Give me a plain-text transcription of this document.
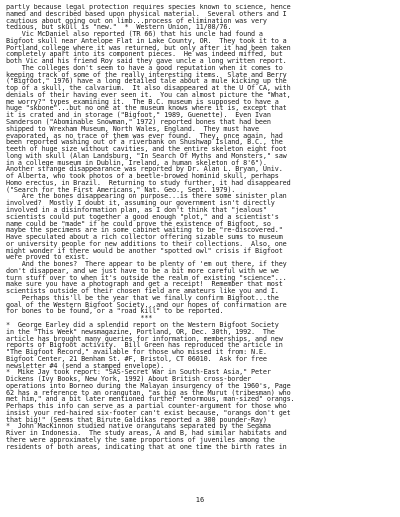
partly because legal protection requires species known to science, hence
named and described based upon physical material.  Several others and I
cautious about going out on limb...process of elimination was very
tedious, but skull is "new."  *  Western Union, 11/08/76.
Vic McDaniel also reported (TR 66) that his uncle had found a
Bigfoot skull near Antelope Flat in Lake County, OR.  They took it to a
Portland college where it was returned, but only after it had been taken
completely apart into its component pieces.  He was indeed miffed, but
both Vic and his friend Roy said they gave uncle a long written report.
The colleges don't seem to have a good reputation when it comes to
keeping track of some of the really interesting items.  Slate and Berry
("Bigfoot," 1976) have a long detailed tale about a mule kicking up the
top of a skull, the calvarium.  It also disappeared at the U Of CA, with
denials of their having ever seen it.  You can almost picture the "What,
me worry?" types examining it.  The B.C. museum is supposed to have a
huge "skbone"...but no one at the museum knows where it is, except that
it is crated and in storage ("Bigfoot," 1989, Guenette).  Even Ivan
Sanderson ("Abominable Snowman," 1972) reported bones that had been
shipped to Wrexham Museum, North Wales, England.  They must have
evaporated, as no trace of them was ever found.  They, once again, had
been reported washing out of a riverbank on Shushwap Island, B.C., the
teeth of huge size without cavities, and the entire skeleton eight foot
long with skull (Alan Landsburg, "In Search Of Myths and Monsters," saw
in a college museum in Dublin, Ireland, a human skeleton of 8'6").
Another strange disappearance was reported by Dr. Alan L. Bryan, Univ.
of Alberta, who took photos of a beetle-browed hominid skull, perhaps
Homo erectus, in Brazil.  Returning to study further, it had disappeared
("Search for the First Americans," Nat. Geo., Sept. 1979).
Are the bones disappearing on purpose...is there some sinister plan
involved?  Mostly I doubt it, assuming our government isn't directly
involved in a disinformation plan, as I don't think that "jealous"
scientists could put together a good enough "plot," and a scientist's
name could be "made" if he could prove the existence of Bigfoot, so
maybe the specimens are in some cabinet waiting to be "re-discovered."
Have speculated about a rich collector offering sizable sums to museum
or university people for new additions to their collections.  Also, one
might wonder if there would be another "spotted owl" crisis if Bigfoot
were proved to exist.
And the bones?  There appear to be plenty of 'em out there, if they
don't disappear, and we just have to be a bit more careful with we we
turn stuff over to when it's outside the realm of existing "science"...
make sure you have a photograph and get a receipt!  Remember that most
scientists outside of their chosen field are amateurs like you and I.
Perhaps this'll be the year that we finally confirm Bigfoot...the
goal of the Western Bigfoot Society...and our hopes of confirmation are
for bones to be found, or a "road kill" to be reported.
***
*  George Earley did a splendid report on the Western Bigfoot Society
in the "This Week" newsmagazine, Portland, OR, Dec. 30th, 1992.  The
article has brought many queries for information, memberships, and new
reports of Bigfoot activity.  Bill Green has reproduced the article in
"The Bigfoot Record," available for those who missed it from: N.E.
Bigfoot Center, 21 Benham St. #F, Bristol, CT 06010.  Ask for free
newsletter #4 (send a stamped envelope).
*  Mike Jay took report: "SAS-Secret War in South-East Asia," Peter
Dickens (Ivy Books, New York, 1992) About British cross-border
operations into Borneo during the Malayan insurgency of the 1960's, Page
62 has a reference to an orangutan, "as big as the Murut (tribesman) who
met him," and a bit later mentioned further "enormous, man-sized" orangs.
Perhaps this info can serve as a partial counter-argument for those who
insist your red-haired six-footer can't exist because, "orangs don't get
that big!" (Seems that Birute Galdikas reported a 300 pounder-Ray)
*  John MacKinnon studied native orangutans separated by the Segama
River in Indonesia.  The study areas, A and B, had similar habitats and
there were approximately the same proportions of juveniles among the
residents of both areas, indicating that at one time the birth rates in
16
